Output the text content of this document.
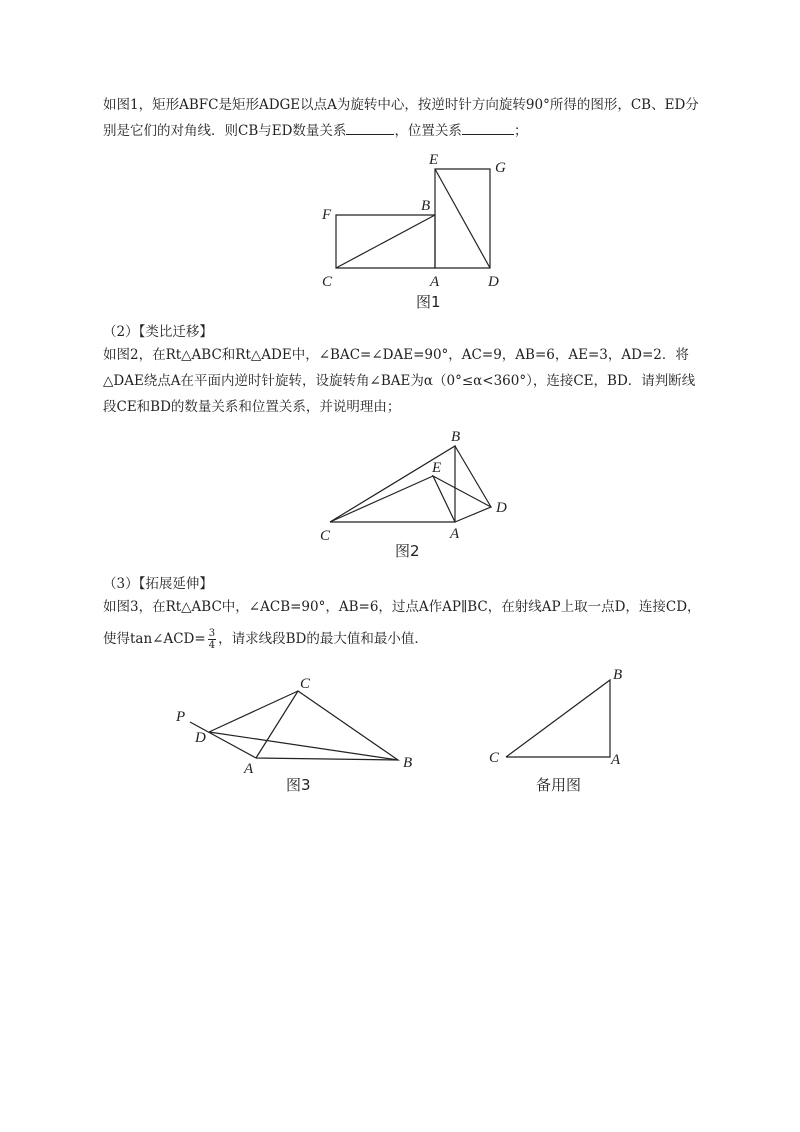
如图1，矩形ABFC是矩形ADGE以点A为旋转中心，按逆时针方向旋转90°所得的图形，CB、ED分
别是它们的对角线．则CB与ED数量关系	，位置关系	；
（2）【类比迁移】
如图2，在Rt△ABC和Rt△ADE中，∠BAC=∠DAE=90°，AC=9，AB=6，AE=3，AD=2．将
△DAE绕点A在平面内逆时针旋转，设旋转角∠BAE为α（0°≤α<360°），连接CE，BD．请判断线
段CE和BD的数量关系和位置关系，并说明理由；
（3）【拓展延伸】
如图3，在Rt△ABC中，∠ACB=90°，AB=6，过点A作AP∥BC，在射线AP上取一点D，连接CD，
使得tan∠ACD= $\frac{3}{4}$ ，请求线段BD的最大值和最小值．
E	G
F
B
C	A	D
图1
B
E
D
C	A
图2
P
C
D
A	B
图3
B
C	A
备用图
